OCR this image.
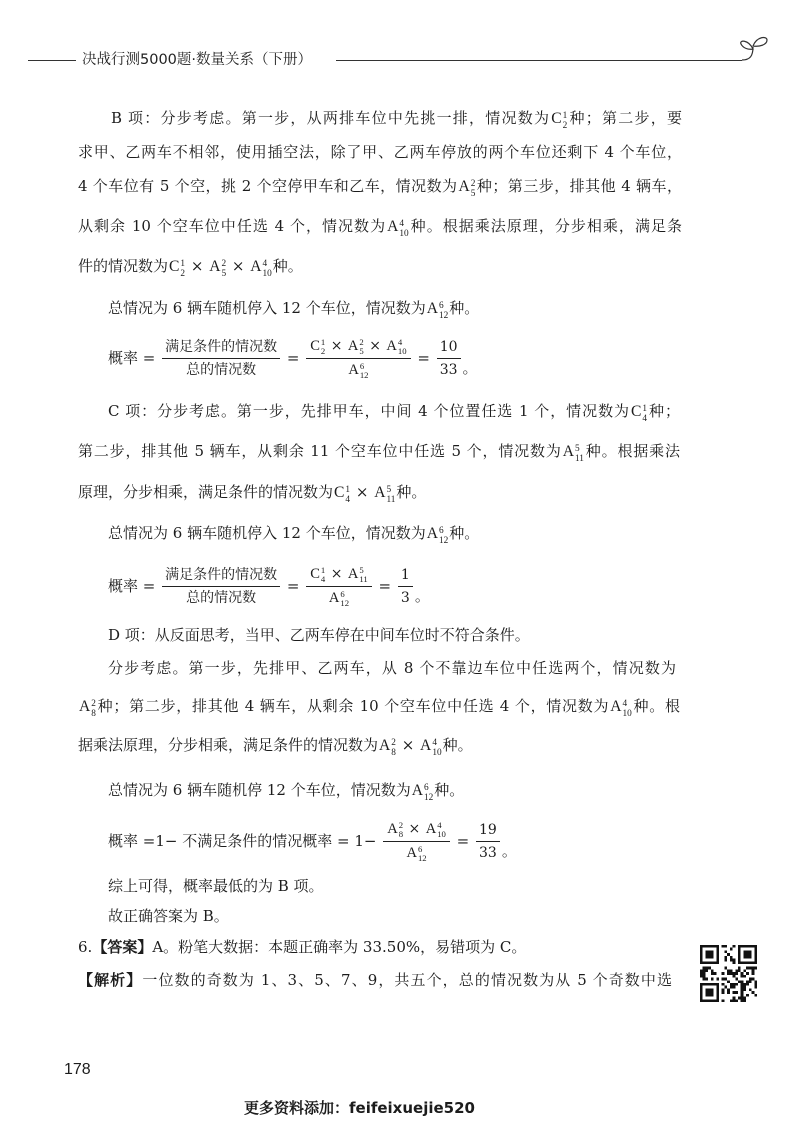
决战行测5000题·数量关系（下册）
B 项：分步考虑。第一步，从两排车位中先挑一排，情况数为C 1
2 种；第二步，要
求甲、乙两车不相邻，使用插空法，除了甲、乙两车停放的两个车位还剩下 4 个车位，
4 个车位有 5 个空，挑 2 个空停甲车和乙车，情况数为A 2
5 种；第三步，排其他 4 辆车，
从剩余 10 个空车位中任选 4 个，情况数为A 4
10 种。根据乘法原理，分步相乘，满足条
件的情况数为C 1
2 × A 2
5 × A 4
10 种。
总情况为 6 辆车随机停入 12 个车位，情况数为A 6
12 种。
概率 = $\frac{\text{满足条件的情况数}}{\text{总的情况数}} = C$ 1
2 × A 2
5 × A 4
10
A 6
$12 = \frac{10}{33}$ 。
C 项：分步考虑。第一步，先排甲车，中间 4 个位置任选 1 个，情况数为C 1
4 种；
第二步，排其他 5 辆车，从剩余 11 个空车位中任选 5 个，情况数为A 5
11 种。根据乘法
原理，分步相乘，满足条件的情况数为C 1
4 × A 5
11 种。
总情况为 6 辆车随机停入 12 个车位，情况数为A 6
12 种。
概率 = $\frac{\text{满足条件的情况数}}{\text{总的情况数}} = C$ 1
4 × A 5
11
A 6
$12 = \frac{1}{3}$ 。
D 项：从反面思考，当甲、乙两车停在中间车位时不符合条件。
分步考虑。第一步，先排甲、乙两车，从 8 个不靠边车位中任选两个，情况数为
A 2
8 种；第二步，排其他 4 辆车，从剩余 10 个空车位中任选 4 个，情况数为A 4
10 种。根
据乘法原理，分步相乘，满足条件的情况数为A 2
8 × A 4
10 种。
总情况为 6 辆车随机停 12 个车位，情况数为A 6
12 种。
概率 =1− 不满足条件的情况概率 = 1− A 2
8 × A 4
10
A 6
$12 = \frac{19}{33}$ 。
综上可得，概率最低的为 B 项。
故正确答案为 B。
6.【答案】A。粉笔大数据：本题正确率为 33.50%，易错项为 C。
【解析】一位数的奇数为 1、3、5、7、9，共五个，总的情况数为从 5 个奇数中选
178
更多资料添加：feifeixuejie520
